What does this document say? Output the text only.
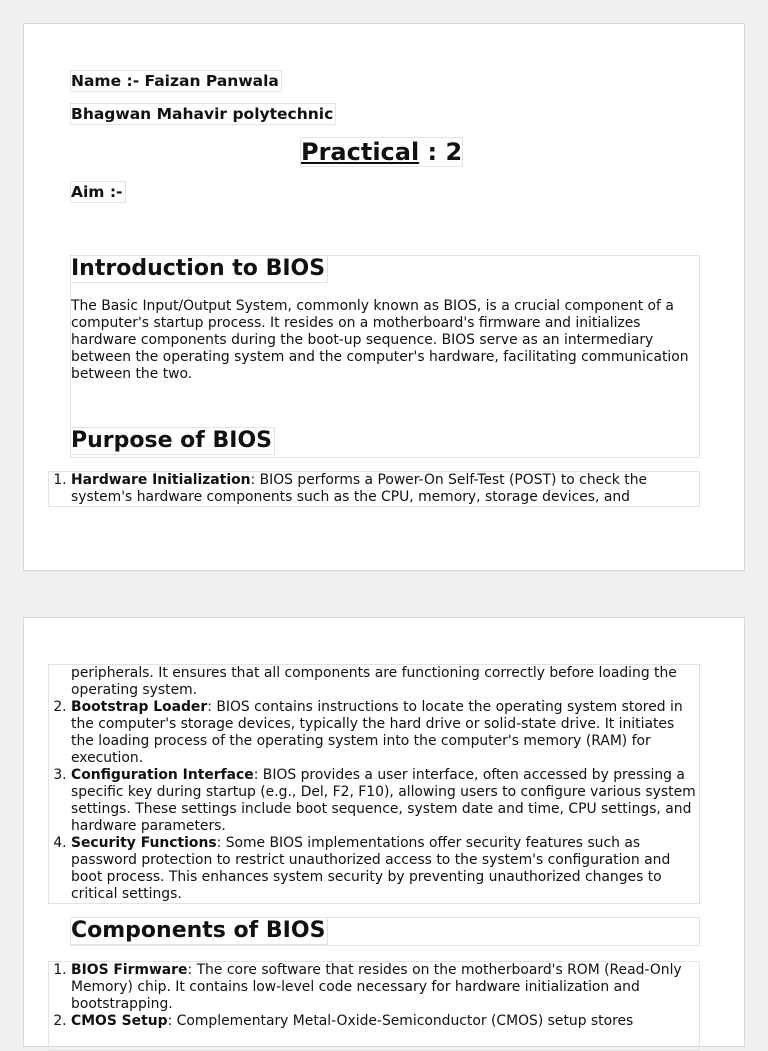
Name :- Faizan Panwala
Bhagwan Mahavir polytechnic
Practical : 2
Aim :-
Introduction to BIOS
The Basic Input/Output System, commonly known as BIOS, is a crucial component of a computer's startup process. It resides on a motherboard's firmware and initializes hardware components during the boot-up sequence. BIOS serve as an intermediary between the operating system and the computer's hardware, facilitating communication between the two.
Purpose of BIOS
1. Hardware Initialization: BIOS performs a Power-On Self-Test (POST) to check the system's hardware components such as the CPU, memory, storage devices, and
peripherals. It ensures that all components are functioning correctly before loading the operating system.
2. Bootstrap Loader: BIOS contains instructions to locate the operating system stored in the computer's storage devices, typically the hard drive or solid-state drive. It initiates the loading process of the operating system into the computer's memory (RAM) for execution.
3. Configuration Interface: BIOS provides a user interface, often accessed by pressing a specific key during startup (e.g., Del, F2, F10), allowing users to configure various system settings. These settings include boot sequence, system date and time, CPU settings, and hardware parameters.
4. Security Functions: Some BIOS implementations offer security features such as password protection to restrict unauthorized access to the system's configuration and boot process. This enhances system security by preventing unauthorized changes to critical settings.
Components of BIOS
1. BIOS Firmware: The core software that resides on the motherboard's ROM (Read-Only Memory) chip. It contains low-level code necessary for hardware initialization and bootstrapping.
2. CMOS Setup: Complementary Metal-Oxide-Semiconductor (CMOS) setup stores
